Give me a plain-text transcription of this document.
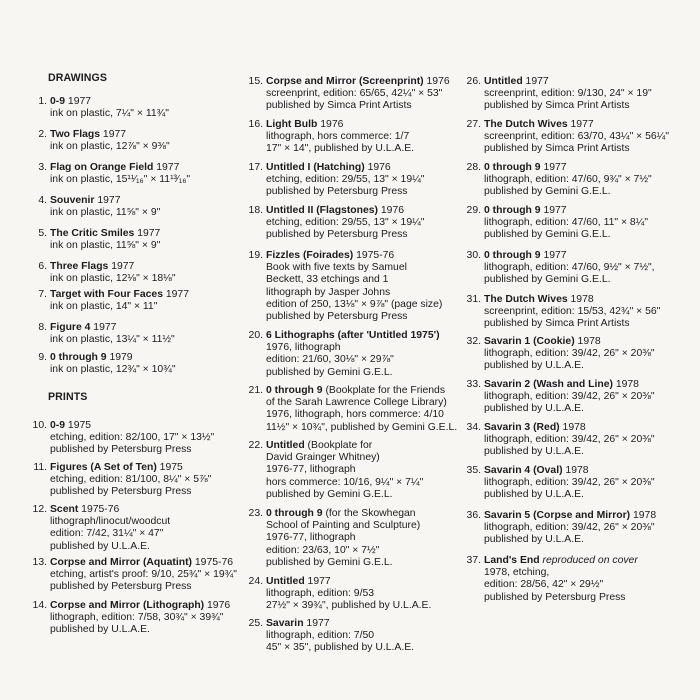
DRAWINGS
PRINTS
1. 0-9 1977
ink on plastic, 7¼" × 11¾"
2. Two Flags 1977
ink on plastic, 12⅞" × 9⅜"
3. Flag on Orange Field 1977
ink on plastic, 15¹¹⁄₁₆" × 11¹³⁄₁₆"
4. Souvenir 1977
ink on plastic, 11⅝" × 9"
5. The Critic Smiles 1977
ink on plastic, 11⅝" × 9"
6. Three Flags 1977
ink on plastic, 12⅛" × 18⅛"
7. Target with Four Faces 1977
ink on plastic, 14" × 11"
8. Figure 4 1977
ink on plastic, 13¼" × 11½"
9. 0 through 9 1979
ink on plastic, 12¾" × 10¾"
10. 0-9 1975
etching, edition: 82/100, 17" × 13½"
published by Petersburg Press
11. Figures (A Set of Ten) 1975
etching, edition: 81/100, 8¼" × 5⅞"
published by Petersburg Press
12. Scent 1975-76
lithograph/linocut/woodcut
edition: 7/42, 31¼" × 47"
published by U.L.A.E.
13. Corpse and Mirror (Aquatint) 1975-76
etching, artist's proof: 9/10, 25¾" × 19¾"
published by Petersburg Press
14. Corpse and Mirror (Lithograph) 1976
lithograph, edition: 7/58, 30¾" × 39¾"
published by U.L.A.E.
15. Corpse and Mirror (Screenprint) 1976
screenprint, edition: 65/65, 42¼" × 53"
published by Simca Print Artists
16. Light Bulb 1976
lithograph, hors commerce: 1/7
17" × 14", published by U.L.A.E.
17. Untitled I (Hatching) 1976
etching, edition: 29/55, 13" × 19¼"
published by Petersburg Press
18. Untitled II (Flagstones) 1976
etching, edition: 29/55, 13" × 19¼"
published by Petersburg Press
19. Fizzles (Foirades) 1975-76
Book with five texts by Samuel
Beckett, 33 etchings and 1
lithograph by Jasper Johns
edition of 250, 13⅛" × 9⅞" (page size)
published by Petersburg Press
20. 6 Lithographs (after 'Untitled 1975')
1976, lithograph
edition: 21/60, 30⅛" × 29⅞"
published by Gemini G.E.L.
21. 0 through 9 (Bookplate for the Friends
of the Sarah Lawrence College Library)
1976, lithograph, hors commerce: 4/10
11½" × 10¾", published by Gemini G.E.L.
22. Untitled (Bookplate for
David Grainger Whitney)
1976-77, lithograph
hors commerce: 10/16, 9¼" × 7¼"
published by Gemini G.E.L.
23. 0 through 9 (for the Skowhegan
School of Painting and Sculpture)
1976-77, lithograph
edition: 23/63, 10" × 7½"
published by Gemini G.E.L.
24. Untitled 1977
lithograph, edition: 9/53
27½" × 39¾", published by U.L.A.E.
25. Savarin 1977
lithograph, edition: 7/50
45" × 35", published by U.L.A.E.
26. Untitled 1977
screenprint, edition: 9/130, 24" × 19"
published by Simca Print Artists
27. The Dutch Wives 1977
screenprint, edition: 63/70, 43¼" × 56¼"
published by Simca Print Artists
28. 0 through 9 1977
lithograph, edition: 47/60, 9¾" × 7½"
published by Gemini G.E.L.
29. 0 through 9 1977
lithograph, edition: 47/60, 11" × 8¼"
published by Gemini G.E.L.
30. 0 through 9 1977
lithograph, edition: 47/60, 9½" × 7½",
published by Gemini G.E.L.
31. The Dutch Wives 1978
screenprint, edition: 15/53, 42¾" × 56"
published by Simca Print Artists
32. Savarin 1 (Cookie) 1978
lithograph, edition: 39/42, 26" × 20⅜"
published by U.L.A.E.
33. Savarin 2 (Wash and Line) 1978
lithograph, edition: 39/42, 26" × 20⅜"
published by U.L.A.E.
34. Savarin 3 (Red) 1978
lithograph, edition: 39/42, 26" × 20⅜"
published by U.L.A.E.
35. Savarin 4 (Oval) 1978
lithograph, edition: 39/42, 26" × 20⅜"
published by U.L.A.E.
36. Savarin 5 (Corpse and Mirror) 1978
lithograph, edition: 39/42, 26" × 20⅜"
published by U.L.A.E.
37. Land's End reproduced on cover
1978, etching,
edition: 28/56, 42" × 29½"
published by Petersburg Press
